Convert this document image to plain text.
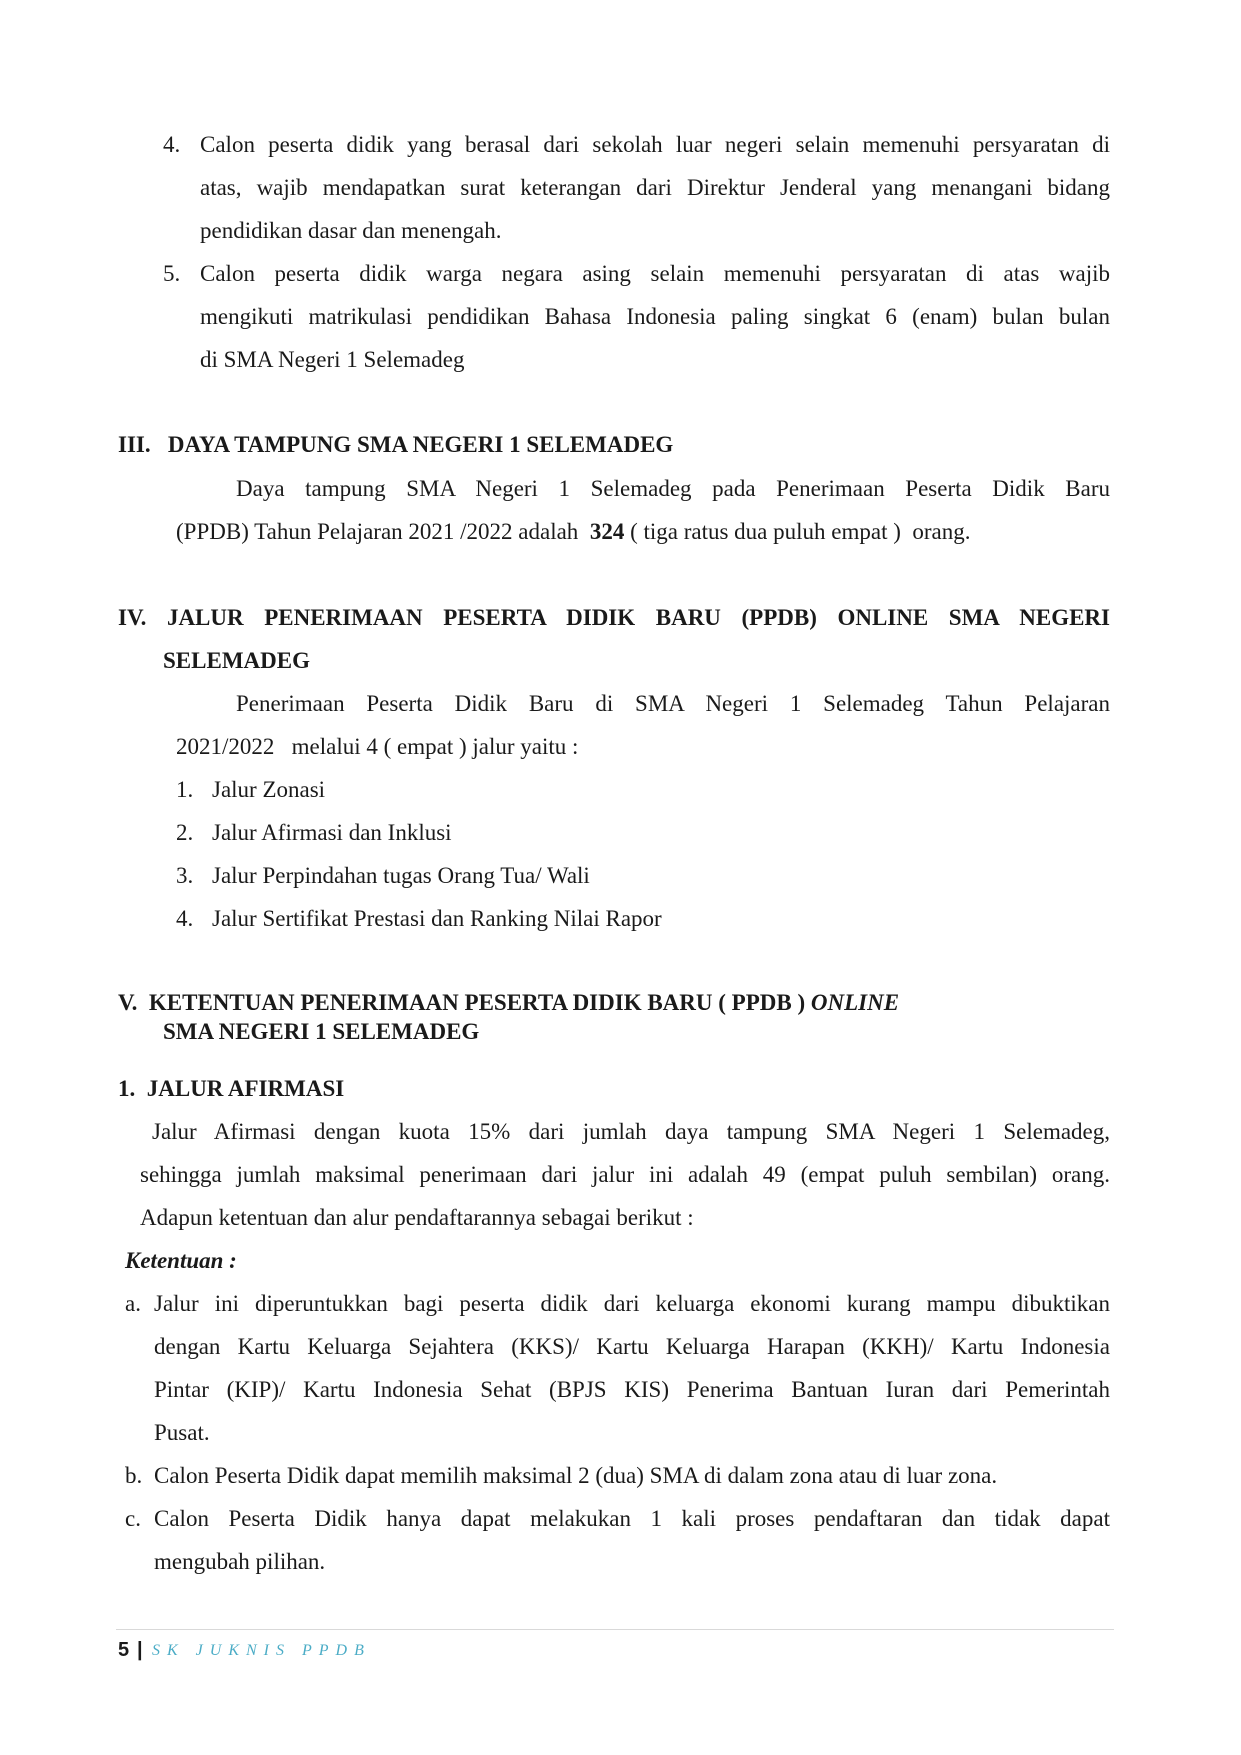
4. Calon peserta didik yang berasal dari sekolah luar negeri selain memenuhi persyaratan di
atas, wajib mendapatkan surat keterangan dari Direktur Jenderal yang menangani bidang
pendidikan dasar dan menengah.
5. Calon peserta didik warga negara asing selain memenuhi persyaratan di atas wajib
mengikuti matrikulasi pendidikan Bahasa Indonesia paling singkat 6 (enam) bulan bulan
di SMA Negeri 1 Selemadeg
III.   DAYA TAMPUNG SMA NEGERI 1 SELEMADEG
Daya tampung SMA Negeri 1 Selemadeg pada Penerimaan Peserta Didik Baru
(PPDB) Tahun Pelajaran 2021 /2022 adalah  324 ( tiga ratus dua puluh empat )  orang.
IV. JALUR PENERIMAAN PESERTA DIDIK BARU (PPDB) ONLINE SMA NEGERI
SELEMADEG
Penerimaan Peserta Didik Baru di SMA Negeri 1 Selemadeg Tahun Pelajaran
2021/2022   melalui 4 ( empat ) jalur yaitu :
1. Jalur Zonasi
2. Jalur Afirmasi dan Inklusi
3. Jalur Perpindahan tugas Orang Tua/ Wali
4. Jalur Sertifikat Prestasi dan Ranking Nilai Rapor
V.  KETENTUAN PENERIMAAN PESERTA DIDIK BARU ( PPDB ) ONLINE
SMA NEGERI 1 SELEMADEG
1.  JALUR AFIRMASI
Jalur Afirmasi dengan kuota 15% dari jumlah daya tampung SMA Negeri 1 Selemadeg,
sehingga jumlah maksimal penerimaan dari jalur ini adalah 49 (empat puluh sembilan) orang.
Adapun ketentuan dan alur pendaftarannya sebagai berikut :
Ketentuan :
a. Jalur ini diperuntukkan bagi peserta didik dari keluarga ekonomi kurang mampu dibuktikan
dengan Kartu Keluarga Sejahtera (KKS)/ Kartu Keluarga Harapan (KKH)/ Kartu Indonesia
Pintar (KIP)/ Kartu Indonesia Sehat (BPJS KIS) Penerima Bantuan Iuran dari Pemerintah
Pusat.
b. Calon Peserta Didik dapat memilih maksimal 2 (dua) SMA di dalam zona atau di luar zona.
c. Calon Peserta Didik hanya dapat melakukan 1 kali proses pendaftaran dan tidak dapat
mengubah pilihan.
5 | SK JUKNIS PPDB
